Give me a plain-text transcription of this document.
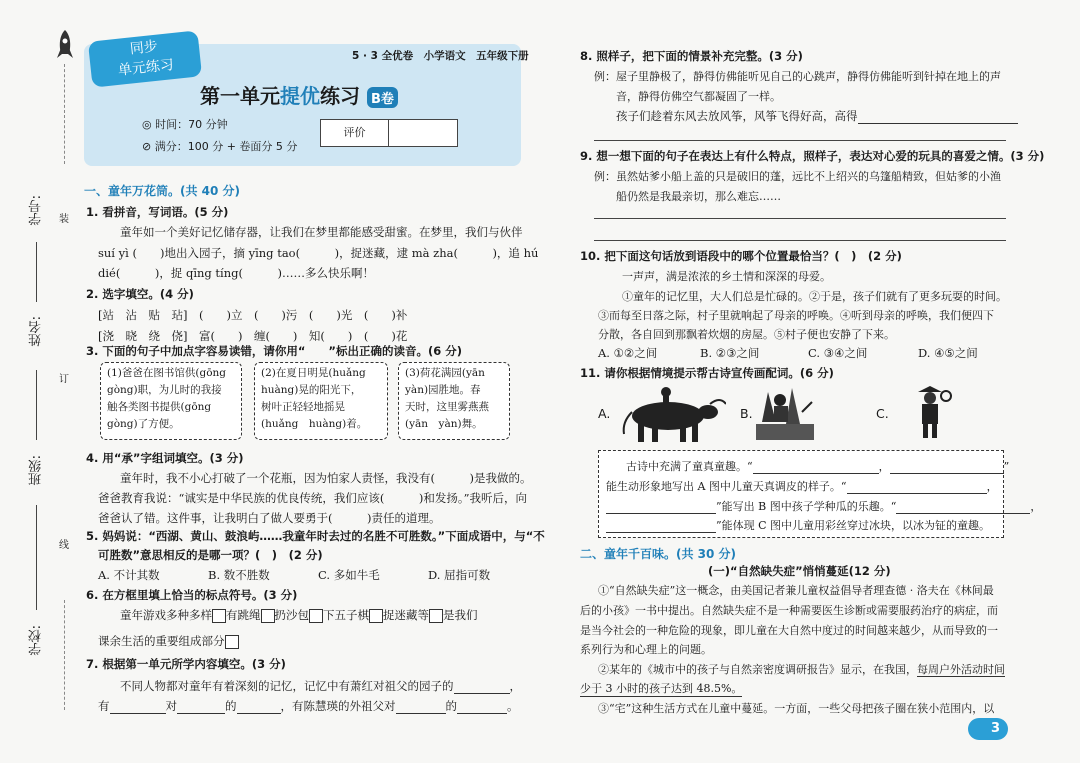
学号:
姓名:
班级:
学校:
装
订
线
同步
单元练习
5 · 3 全优卷　小学语文　五年级下册
第一单元提优练习 B卷
◎ 时间：70 分钟
⊘ 满分：100 分 + 卷面分 5 分
评价
一、童年万花筒。(共 40 分)
1. 看拼音，写词语。(5 分)
童年如一个美好记忆储存器，让我们在梦里都能感受甜蜜。在梦里，我们与伙伴
suí yì (　　)地出入园子，摘 yīng tao(　　　)，捉迷藏，逮 mà zha(　　　)，追 hú
dié(　　　)，捉 qīng tíng(　　　)……多么快乐啊！
2. 选字填空。(4 分)
[站　沾　贴　玷]　(　　)立　(　　)污　(　　)光　(　　)补
[浇　晓　绕　侥]　富(　　)　缠(　　)　知(　　)　(　　)花
3. 下面的句子中加点字容易读错，请你用“　　”标出正确的读音。(6 分)
(1)爸爸在图书馆供(gōng
gòng)职，为儿时的我接
触各类图书提供(gōng
gòng)了方便。
(2)在夏日明晃(huǎng
huàng)晃的阳光下，
树叶正轻轻地摇晃
(huǎng　huàng)着。
(3)荷花满园(yān
yàn)园胜地。春
天时，这里雾燕燕
(yān　yàn)舞。
4. 用“承”字组词填空。(3 分)
童年时，我不小心打破了一个花瓶，因为怕家人责怪，我没有(　　　)是我做的。
爸爸教育我说：“诚实是中华民族的优良传统，我们应该(　　　)和发扬。”我听后，向
爸爸认了错。这件事，让我明白了做人要勇于(　　　)责任的道理。
5. 妈妈说：“西湖、黄山、鼓浪屿……我童年时去过的名胜不可胜数。”下面成语中，与“不
可胜数”意思相反的是哪一项？(　)　(2 分)
A. 不计其数	B. 数不胜数	C. 多如牛毛	D. 屈指可数
6. 在方框里填上恰当的标点符号。(3 分)
童年游戏多种多样 有跳绳 扔沙包 下五子棋 捉迷藏等 是我们
课余生活的重要组成部分
7. 根据第一单元所学内容填空。(3 分)
不同人物都对童年有着深刻的记忆，记忆中有萧红对祖父的园子的	，
有	对	的	，有陈慧瑛的外祖父对	的	。
8. 照样子，把下面的情景补充完整。(3 分)
例：屋子里静极了，静得仿佛能听见自己的心跳声，静得仿佛能听到针掉在地上的声
音，静得仿佛空气都凝固了一样。
孩子们趁着东风去放风筝，风筝飞得好高，高得
9. 想一想下面的句子在表达上有什么特点，照样子，表达对心爱的玩具的喜爱之情。(3 分)
例：虽然姑爹小船上盖的只是破旧的蓬，远比不上绍兴的乌篷船精致，但姑爹的小渔
船仍然是我最亲切，那么难忘……
10. 把下面这句话放到语段中的哪个位置最恰当？(　)　(2 分)
一声声，满是浓浓的乡土情和深深的母爱。
①童年的记忆里，大人们总是忙碌的。②于是，孩子们就有了更多玩耍的时间。
③而每至日落之际，村子里就响起了母亲的呼唤。④听到母亲的呼唤，我们便四下
分散，各自回到那飘着炊烟的房屋。⑤村子便也安静了下来。
A. ①②之间	B. ②③之间	C. ③④之间	D. ④⑤之间
11. 请你根据情境提示帮古诗宣传画配词。(6 分)
A.	B.	C.
古诗中充满了童真童趣。“	，	”
能生动形象地写出 A 图中儿童天真调皮的样子。“	，
”能写出 B 图中孩子学种瓜的乐趣。“	，
”能体现 C 图中儿童用彩丝穿过冰块，以冰为钲的童趣。
二、童年千百味。(共 30 分)
(一)“自然缺失症”悄悄蔓延(12 分)
①“自然缺失症”这一概念，由美国记者兼儿童权益倡导者理查德 · 洛夫在《林间最
后的小孩》一书中提出。自然缺失症不是一种需要医生诊断或需要服药治疗的病症，而
是当今社会的一种危险的现象，即儿童在大自然中度过的时间越来越少，从而导致的一
系列行为和心理上的问题。
②某年的《城市中的孩子与自然亲密度调研报告》显示，在我国，每周户外活动时间
少于 3 小时的孩子达到 48.5%。
③“宅”这种生活方式在儿童中蔓延。一方面，一些父母把孩子圈在狭小范围内，以
3
